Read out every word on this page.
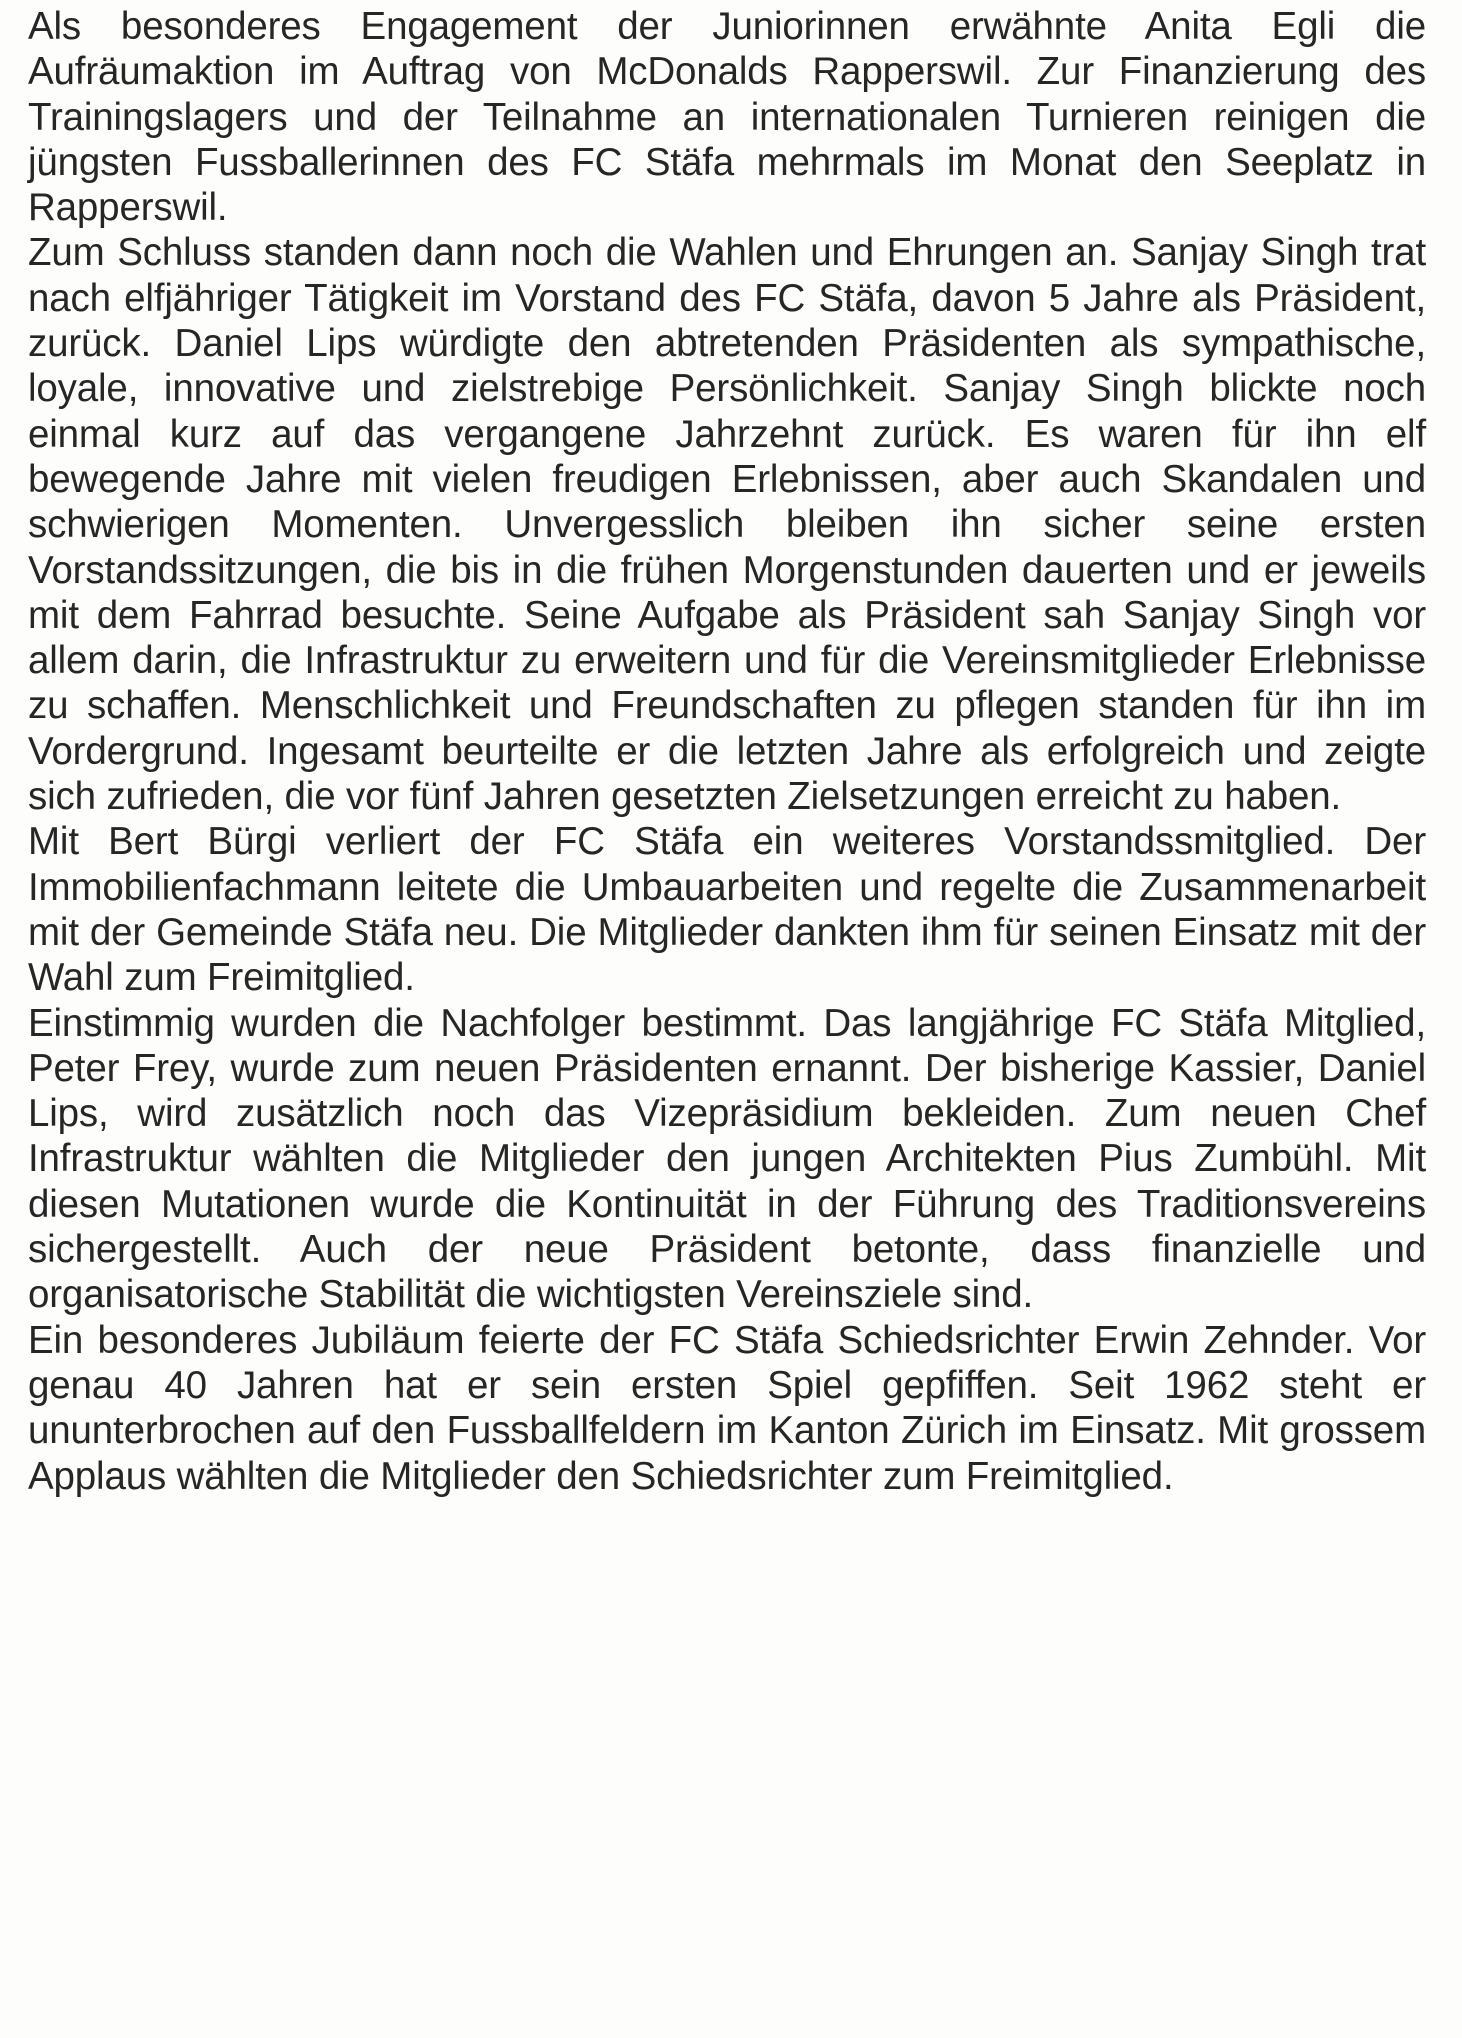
Als besonderes Engagement der Juniorinnen erwähnte Anita Egli die Aufräumaktion im Auftrag von McDonalds Rapperswil. Zur Finanzierung des Trainingslagers und der Teilnahme an internationalen Turnieren reinigen die jüngsten Fussballerinnen des FC Stäfa mehrmals im Monat den Seeplatz in Rapperswil.

Zum Schluss standen dann noch die Wahlen und Ehrungen an. Sanjay Singh trat nach elfjähriger Tätigkeit im Vorstand des FC Stäfa, davon 5 Jahre als Präsident, zurück. Daniel Lips würdigte den abtretenden Präsidenten als sympathische, loyale, innovative und zielstrebige Persönlichkeit. Sanjay Singh blickte noch einmal kurz auf das vergangene Jahrzehnt zurück. Es waren für ihn elf bewegende Jahre mit vielen freudigen Erlebnissen, aber auch Skandalen und schwierigen Momenten. Unvergesslich bleiben ihn sicher seine ersten Vorstandssitzungen, die bis in die frühen Morgenstunden dauerten und er jeweils mit dem Fahrrad besuchte. Seine Aufgabe als Präsident sah Sanjay Singh vor allem darin, die Infrastruktur zu erweitern und für die Vereinsmitglieder Erlebnisse zu schaffen. Menschlichkeit und Freundschaften zu pflegen standen für ihn im Vordergrund. Ingesamt beurteilte er die letzten Jahre als erfolgreich und zeigte sich zufrieden, die vor fünf Jahren gesetzten Zielsetzungen erreicht zu haben.

Mit Bert Bürgi verliert der FC Stäfa ein weiteres Vorstandssmitglied. Der Immobilienfachmann leitete die Umbauarbeiten und regelte die Zusammenarbeit mit der Gemeinde Stäfa neu. Die Mitglieder dankten ihm für seinen Einsatz mit der Wahl zum Freimitglied.

Einstimmig wurden die Nachfolger bestimmt. Das langjährige FC Stäfa Mitglied, Peter Frey, wurde zum neuen Präsidenten ernannt. Der bisherige Kassier, Daniel Lips, wird zusätzlich noch das Vizepräsidium bekleiden. Zum neuen Chef Infrastruktur wählten die Mitglieder den jungen Architekten Pius Zumbühl. Mit diesen Mutationen wurde die Kontinuität in der Führung des Traditionsvereins sichergestellt. Auch der neue Präsident betonte, dass finanzielle und organisatorische Stabilität die wichtigsten Vereinsziele sind.

Ein besonderes Jubiläum feierte der FC Stäfa Schiedsrichter Erwin Zehnder. Vor genau 40 Jahren hat er sein ersten Spiel gepfiffen. Seit 1962 steht er ununterbrochen auf den Fussballfeldern im Kanton Zürich im Einsatz. Mit grossem Applaus wählten die Mitglieder den Schiedsrichter zum Freimitglied.
